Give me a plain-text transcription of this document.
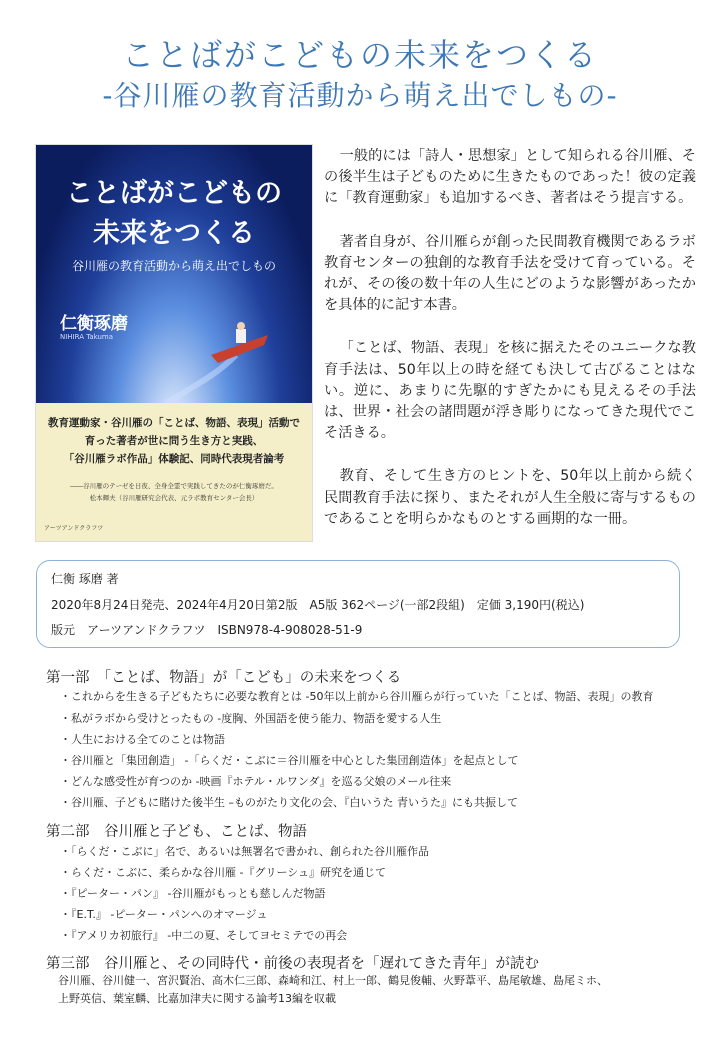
ことばがこどもの未来をつくる
-谷川雁の教育活動から萌え出でしもの-
ことばがこどもの
未来をつくる
谷川雁の教育活動から萌え出でしもの
仁衡琢磨
NIHIRA Takuma

教育運動家・谷川雁の「ことば、物語、表現」活動で

育った著者が世に問う生き方と実践、

「谷川雁ラボ作品」体験記、同時代表現者論考

――谷川雁のテーゼを日夜、全身全霊で実践してきたのが仁衡琢磨だ。
松本輝夫（谷川雁研究会代表、元ラボ教育センター会長）
アーツアンドクラフツ

一般的には「詩人・思想家」として知られる谷川雁、その後半生は子どものために生きたものであった！彼の定義に「教育運動家」も追加するべき、著者はそう提言する。

著者自身が、谷川雁らが創った民間教育機関であるラボ教育センターの独創的な教育手法を受けて育っている。それが、その後の数十年の人生にどのような影響があったかを具体的に記す本書。

「ことば、物語、表現」を核に据えたそのユニークな教育手法は、50年以上の時を経ても決して古びることはない。逆に、あまりに先駆的すぎたかにも見えるその手法は、世界・社会の諸問題が浮き彫りになってきた現代でこそ活きる。

教育、そして生き方のヒントを、50年以上前から続く民間教育手法に探り、またそれが人生全般に寄与するものであることを明らかなものとする画期的な一冊。

仁衡 琢磨 著
2020年8月24日発売、2024年4月20日第2版　A5版 362ページ(一部2段組)　定価 3,190円(税込)
版元　アーツアンドクラフツ　ISBN978-4-908028-51-9
第一部　「ことば、物語」が「こども」の未来をつくる
・これからを生きる子どもたちに必要な教育とは -50年以上前から谷川雁らが行っていた「ことば、物語、表現」の教育
・私がラボから受けとったもの -度胸、外国語を使う能力、物語を愛する人生
・人生における全てのことは物語
・谷川雁と「集団創造」 -「らくだ・こぶに＝谷川雁を中心とした集団創造体」を起点として
・どんな感受性が育つのか -映画『ホテル・ルワンダ』を巡る父娘のメール往来
・谷川雁、子どもに賭けた後半生 –ものがたり文化の会、『白いうた 青いうた』にも共振して
第二部　谷川雁と子ども、ことば、物語
・「らくだ・こぶに」名で、あるいは無署名で書かれ、創られた谷川雁作品
・らくだ・こぶに、柔らかな谷川雁 -『グリーシュ』研究を通じて
・『ピーター・パン』 -谷川雁がもっとも慈しんだ物語
・『E.T.』 -ピーター・パンへのオマージュ
・『アメリカ初旅行』 -中二の夏、そしてヨセミテでの再会
第三部　谷川雁と、その同時代・前後の表現者を「遅れてきた青年」が読む
谷川雁、谷川健一、宮沢賢治、高木仁三郎、森崎和江、村上一郎、鶴見俊輔、火野葦平、島尾敏雄、島尾ミホ、
上野英信、葉室麟、比嘉加津夫に関する論考13編を収載
